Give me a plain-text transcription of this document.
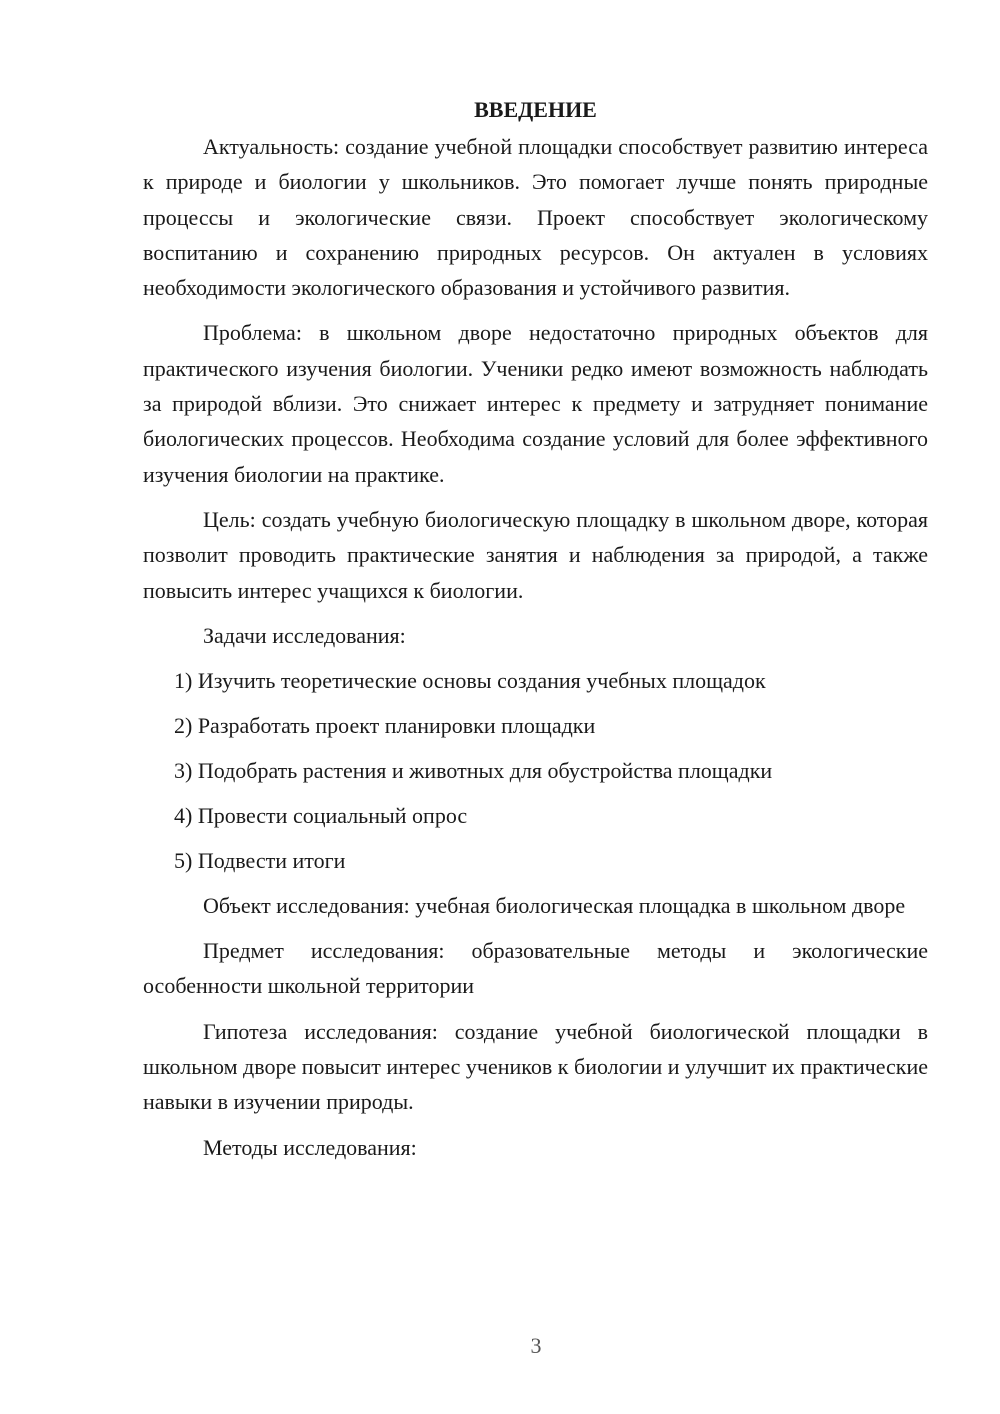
ВВЕДЕНИЕ

Актуальность: создание учебной площадки способствует развитию интереса к природе и биологии у школьников. Это помогает лучше понять природные процессы и экологические связи. Проект способствует экологическому воспитанию и сохранению природных ресурсов. Он актуален в условиях необходимости экологического образования и устойчивого развития.

Проблема: в школьном дворе недостаточно природных объектов для практического изучения биологии. Ученики редко имеют возможность наблюдать за природой вблизи. Это снижает интерес к предмету и затрудняет понимание биологических процессов. Необходима создание условий для более эффективного изучения биологии на практике.

Цель: создать учебную биологическую площадку в школьном дворе, которая позволит проводить практические занятия и наблюдения за природой, а также повысить интерес учащихся к биологии.

Задачи исследования:

1) Изучить теоретические основы создания учебных площадок

2) Разработать проект планировки площадки

3) Подобрать растения и животных для обустройства площадки

4) Провести социальный опрос

5) Подвести итоги

Объект исследования: учебная биологическая площадка в школьном дворе

Предмет исследования: образовательные методы и экологические особенности школьной территории

Гипотеза исследования: создание учебной биологической площадки в школьном дворе повысит интерес учеников к биологии и улучшит их практические навыки в изучении природы.

Методы исследования:

3
